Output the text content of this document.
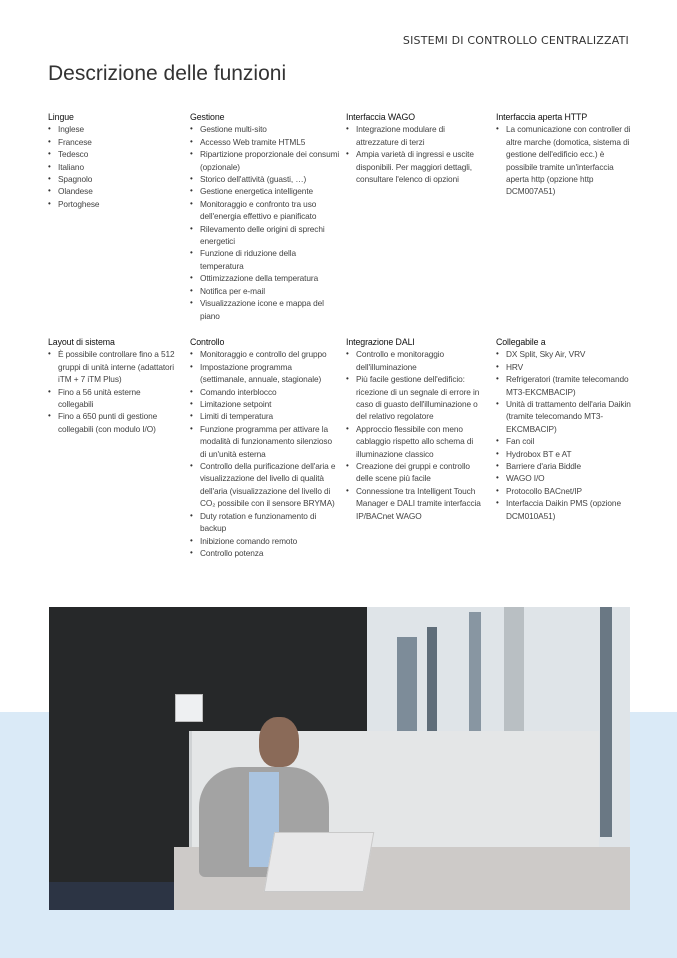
SISTEMI DI CONTROLLO CENTRALIZZATI
Descrizione delle funzioni
Lingue
• Inglese
• Francese
• Tedesco
• Italiano
• Spagnolo
• Olandese
• Portoghese
Gestione
• Gestione multi-sito
• Accesso Web tramite HTML5
• Ripartizione proporzionale dei consumi (opzionale)
• Storico dell'attività (guasti, …)
• Gestione energetica intelligente
• Monitoraggio e confronto tra uso dell'energia effettivo e pianificato
• Rilevamento delle origini di sprechi energetici
• Funzione di riduzione della temperatura
• Ottimizzazione della temperatura
• Notifica per e-mail
• Visualizzazione icone e mappa del piano
Interfaccia WAGO
• Integrazione modulare di attrezzature di terzi
• Ampia varietà di ingressi e uscite disponibili. Per maggiori dettagli, consultare l'elenco di opzioni
Interfaccia aperta HTTP
• La comunicazione con controller di altre marche (domotica, sistema di gestione dell'edificio ecc.) è possibile tramite un'interfaccia aperta http (opzione http DCM007A51)
Layout di sistema
• È possibile controllare fino a 512 gruppi di unità interne (adattatori iTM + 7 iTM Plus)
• Fino a 56 unità esterne collegabili
• Fino a 650 punti di gestione collegabili (con modulo I/O)
Controllo
• Monitoraggio e controllo del gruppo
• Impostazione programma (settimanale, annuale, stagionale)
• Comando interblocco
• Limitazione setpoint
• Limiti di temperatura
• Funzione programma per attivare la modalità di funzionamento silenzioso di un'unità esterna
• Controllo della purificazione dell'aria e visualizzazione del livello di qualità dell'aria (visualizzazione del livello di CO₂ possibile con il sensore BRYMA)
• Duty rotation e funzionamento di backup
• Inibizione comando remoto
• Controllo potenza
Integrazione DALI
• Controllo e monitoraggio dell'illuminazione
• Più facile gestione dell'edificio: ricezione di un segnale di errore in caso di guasto dell'illuminazione o del relativo regolatore
• Approccio flessibile con meno cablaggio rispetto allo schema di illuminazione classico
• Creazione dei gruppi e controllo delle scene più facile
• Connessione tra Intelligent Touch Manager e DALI tramite interfaccia IP/BACnet WAGO
Collegabile a
• DX Split, Sky Air, VRV
• HRV
• Refrigeratori (tramite telecomando MT3-EKCMBACIP)
• Unità di trattamento dell'aria Daikin (tramite telecomando MT3-EKCMBACIP)
• Fan coil
• Hydrobox BT e AT
• Barriere d'aria Biddle
• WAGO I/O
• Protocollo BACnet/IP
• Interfaccia Daikin PMS (opzione DCM010A51)
